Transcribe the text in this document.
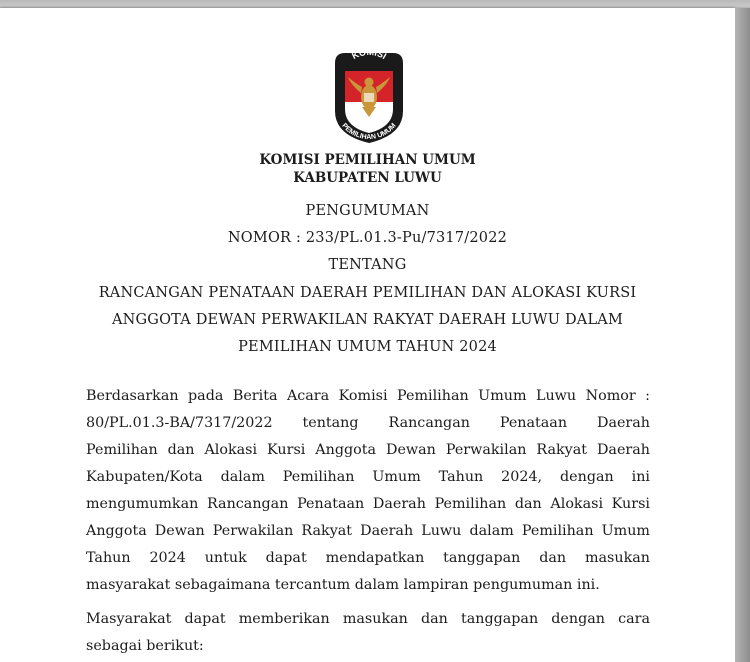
KOMISI
PEMILIHAN UMUM
KOMISI PEMILIHAN UMUM
KABUPATEN LUWU
PENGUMUMAN
NOMOR : 233/PL.01.3-Pu/7317/2022
TENTANG
RANCANGAN PENATAAN DAERAH PEMILIHAN DAN ALOKASI KURSI
ANGGOTA DEWAN PERWAKILAN RAKYAT DAERAH LUWU DALAM
PEMILIHAN UMUM TAHUN 2024
Berdasarkan pada Berita Acara Komisi Pemilihan Umum Luwu Nomor :
80/PL.01.3-BA/7317/2022 tentang Rancangan Penataan Daerah
Pemilihan dan Alokasi Kursi Anggota Dewan Perwakilan Rakyat Daerah
Kabupaten/Kota dalam Pemilihan Umum Tahun 2024, dengan ini
mengumumkan Rancangan Penataan Daerah Pemilihan dan Alokasi Kursi
Anggota Dewan Perwakilan Rakyat Daerah Luwu dalam Pemilihan Umum
Tahun 2024 untuk dapat mendapatkan tanggapan dan masukan
masyarakat sebagaimana tercantum dalam lampiran pengumuman ini.
Masyarakat dapat memberikan masukan dan tanggapan dengan cara
sebagai berikut:
